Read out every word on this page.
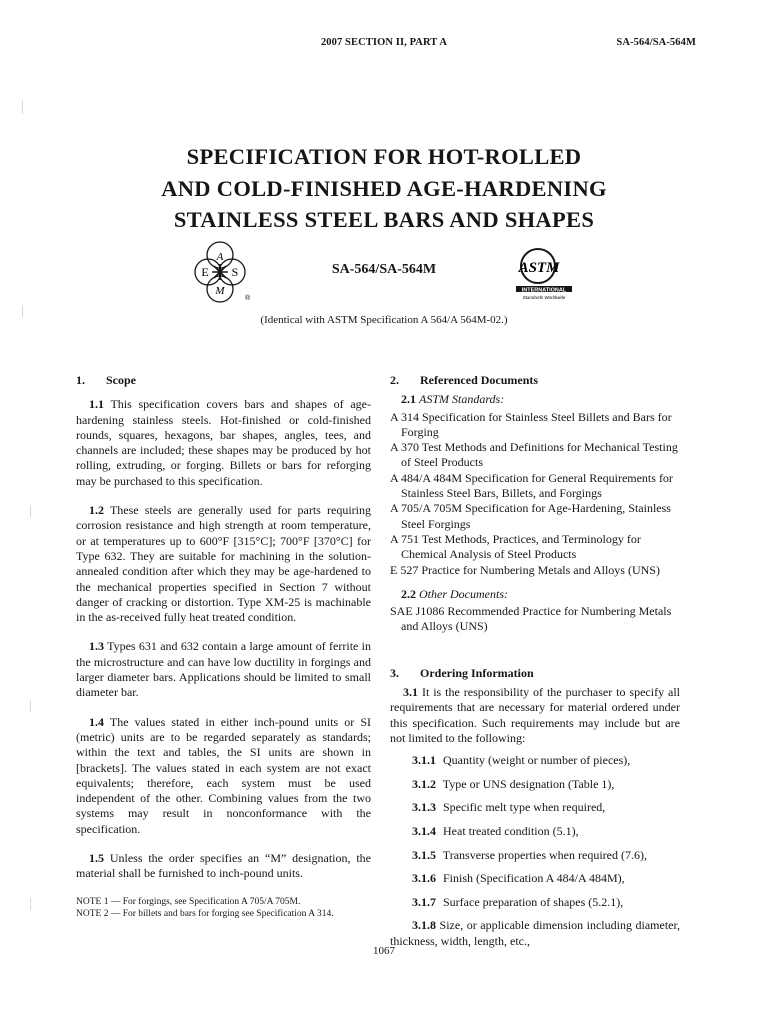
2007 SECTION II, PART A	SA-564/SA-564M
SPECIFICATION FOR HOT-ROLLED
AND COLD-FINISHED AGE-HARDENING
STAINLESS STEEL BARS AND SHAPES
A
S
M
E
®
SA-564/SA-564M	ASTM
INTERNATIONAL
Standards Worldwide
(Identical with ASTM Specification A 564/A 564M-02.)
1. Scope

1.1 This specification covers bars and shapes of age-hardening stainless steels. Hot-finished or cold-finished rounds, squares, hexagons, bar shapes, angles, tees, and channels are included; these shapes may be produced by hot rolling, extruding, or forging. Billets or bars for reforging may be purchased to this specification.

1.2 These steels are generally used for parts requiring corrosion resistance and high strength at room temperature, or at temperatures up to 600°F [315°C]; 700°F [370°C] for Type 632. They are suitable for machining in the solution-annealed condition after which they may be age-hardened to the mechanical properties specified in Section 7 without danger of cracking or distortion. Type XM-25 is machinable in the as-received fully heat treated condition.

1.3 Types 631 and 632 contain a large amount of ferrite in the microstructure and can have low ductility in forgings and larger diameter bars. Applications should be limited to small diameter bar.

1.4 The values stated in either inch-pound units or SI (metric) units are to be regarded separately as standards; within the text and tables, the SI units are shown in [brackets]. The values stated in each system are not exact equivalents; therefore, each system must be used independent of the other. Combining values from the two systems may result in nonconformance with the specification.

1.5 Unless the order specifies an “M” designation, the material shall be furnished to inch-pound units.

NOTE 1 — For forgings, see Specification A 705/A 705M.

NOTE 2 — For billets and bars for forging see Specification A 314.

2. Referenced Documents

2.1 ASTM Standards:

A 314 Specification for Stainless Steel Billets and Bars for Forging

A 370 Test Methods and Definitions for Mechanical Testing of Steel Products

A 484/A 484M Specification for General Requirements for Stainless Steel Bars, Billets, and Forgings

A 705/A 705M Specification for Age-Hardening, Stainless Steel Forgings

A 751 Test Methods, Practices, and Terminology for Chemical Analysis of Steel Products

E 527 Practice for Numbering Metals and Alloys (UNS)

2.2 Other Documents:

SAE J1086 Recommended Practice for Numbering Metals and Alloys (UNS)

3. Ordering Information

3.1 It is the responsibility of the purchaser to specify all requirements that are necessary for material ordered under this specification. Such requirements may include but are not limited to the following:

3.1.1 Quantity (weight or number of pieces),

3.1.2 Type or UNS designation (Table 1),

3.1.3 Specific melt type when required,

3.1.4 Heat treated condition (5.1),

3.1.5 Transverse properties when required (7.6),

3.1.6 Finish (Specification A 484/A 484M),

3.1.7 Surface preparation of shapes (5.2.1),

3.1.8 Size, or applicable dimension including diameter, thickness, width, length, etc.,

1067
